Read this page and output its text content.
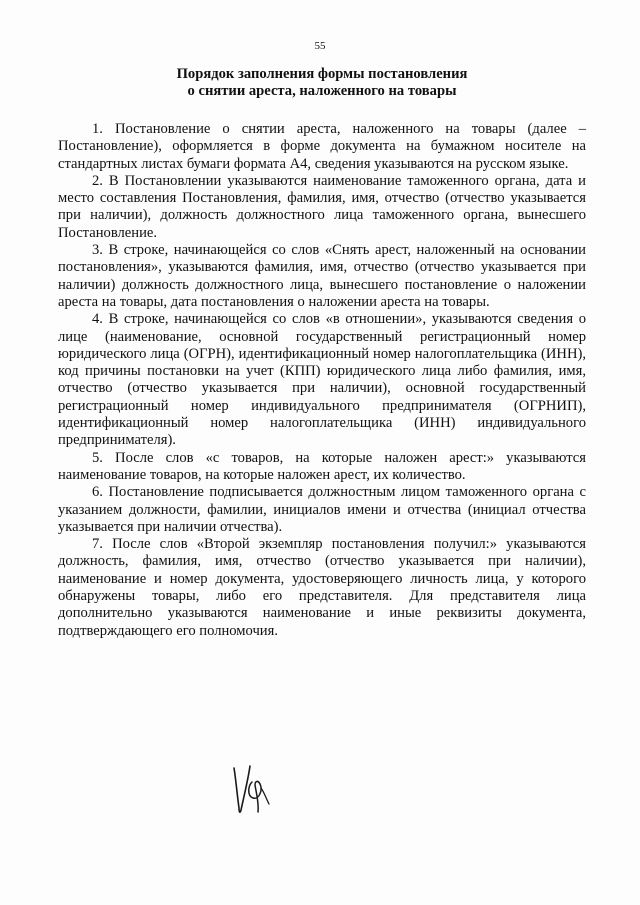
55
Порядок заполнения формы постановления
о снятии ареста, наложенного на товары

1. Постановление о снятии ареста, наложенного на товары (далее – Постановление), оформляется в форме документа на бумажном носителе на стандартных листах бумаги формата А4, сведения указываются на русском языке.

2. В Постановлении указываются наименование таможенного органа, дата и место составления Постановления, фамилия, имя, отчество (отчество указывается при наличии), должность должностного лица таможенного органа, вынесшего Постановление.

3. В строке, начинающейся со слов «Снять арест, наложенный на основании постановления», указываются фамилия, имя, отчество (отчество указывается при наличии) должность должностного лица, вынесшего постановление о наложении ареста на товары, дата постановления о наложении ареста на товары.

4. В строке, начинающейся со слов «в отношении», указываются сведения о лице (наименование, основной государственный регистрационный номер юридического лица (ОГРН), идентификационный номер налогоплательщика (ИНН), код причины постановки на учет (КПП) юридического лица либо фамилия, имя, отчество (отчество указывается при наличии), основной государственный регистрационный номер индивидуального предпринимателя (ОГРНИП), идентификационный номер налогоплательщика (ИНН) индивидуального предпринимателя).

5. После слов «с товаров, на которые наложен арест:» указываются наименование товаров, на которые наложен арест, их количество.

6. Постановление подписывается должностным лицом таможенного органа с указанием должности, фамилии, инициалов имени и отчества (инициал отчества указывается при наличии отчества).

7. После слов «Второй экземпляр постановления получил:» указываются должность, фамилия, имя, отчество (отчество указывается при наличии), наименование и номер документа, удостоверяющего личность лица, у которого обнаружены товары, либо его представителя. Для представителя лица дополнительно указываются наименование и иные реквизиты документа, подтверждающего его полномочия.
